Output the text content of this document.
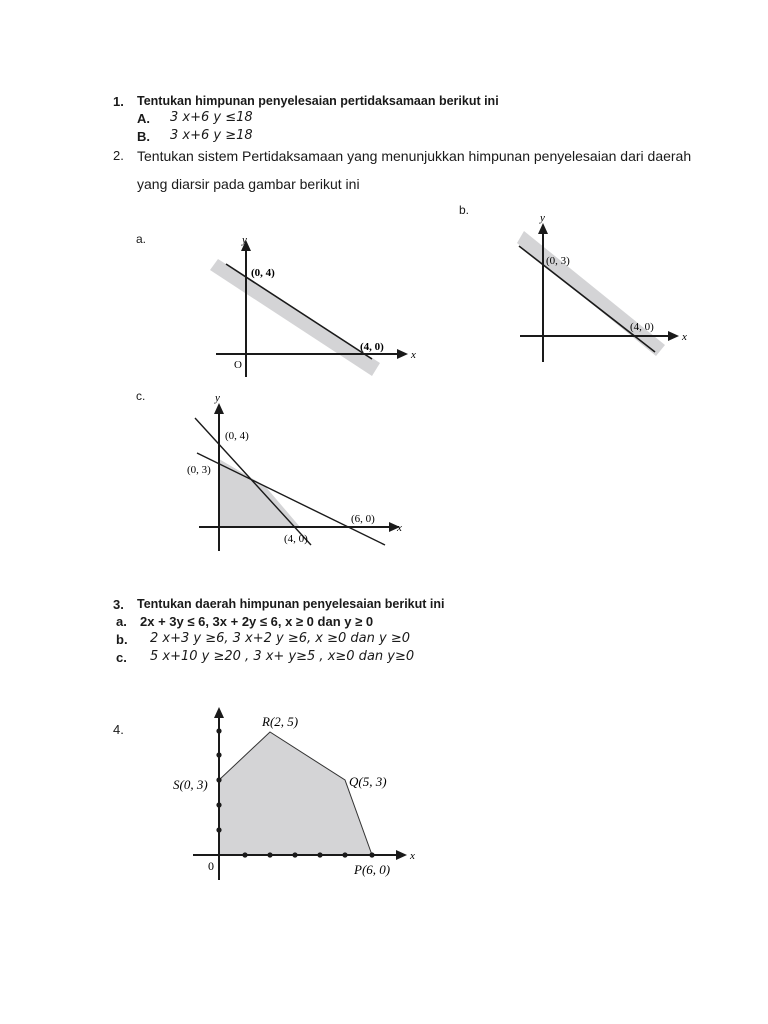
1. Tentukan himpunan penyelesaian pertidaksamaan berikut ini
A. 3 x+6 y ≤18
B. 3 x+6 y ≥18
2. Tentukan sistem Pertidaksamaan yang menunjukkan himpunan penyelesaian dari daerah
yang diarsir pada gambar berikut ini
a.
b.
c.
y
x
(0, 4)
(4, 0)
O
y
x
(0, 3)
(4, 0)
y
x
(0, 4)
(0, 3)
(6, 0)
(4, 0)
3. Tentukan daerah himpunan penyelesaian berikut ini
a. 2x + 3y ≤ 6, 3x + 2y ≤ 6, x ≥ 0 dan y ≥ 0
b. 2 x+3 y ≥6, 3 x+2 y ≥6, x ≥0 dan y ≥0
c. 5 x+10 y ≥20 , 3 x+ y≥5 , x≥0 dan y≥0
4.
R(2, 5)
S(0, 3)	Q(5, 3)
P(6, 0)
0
x
